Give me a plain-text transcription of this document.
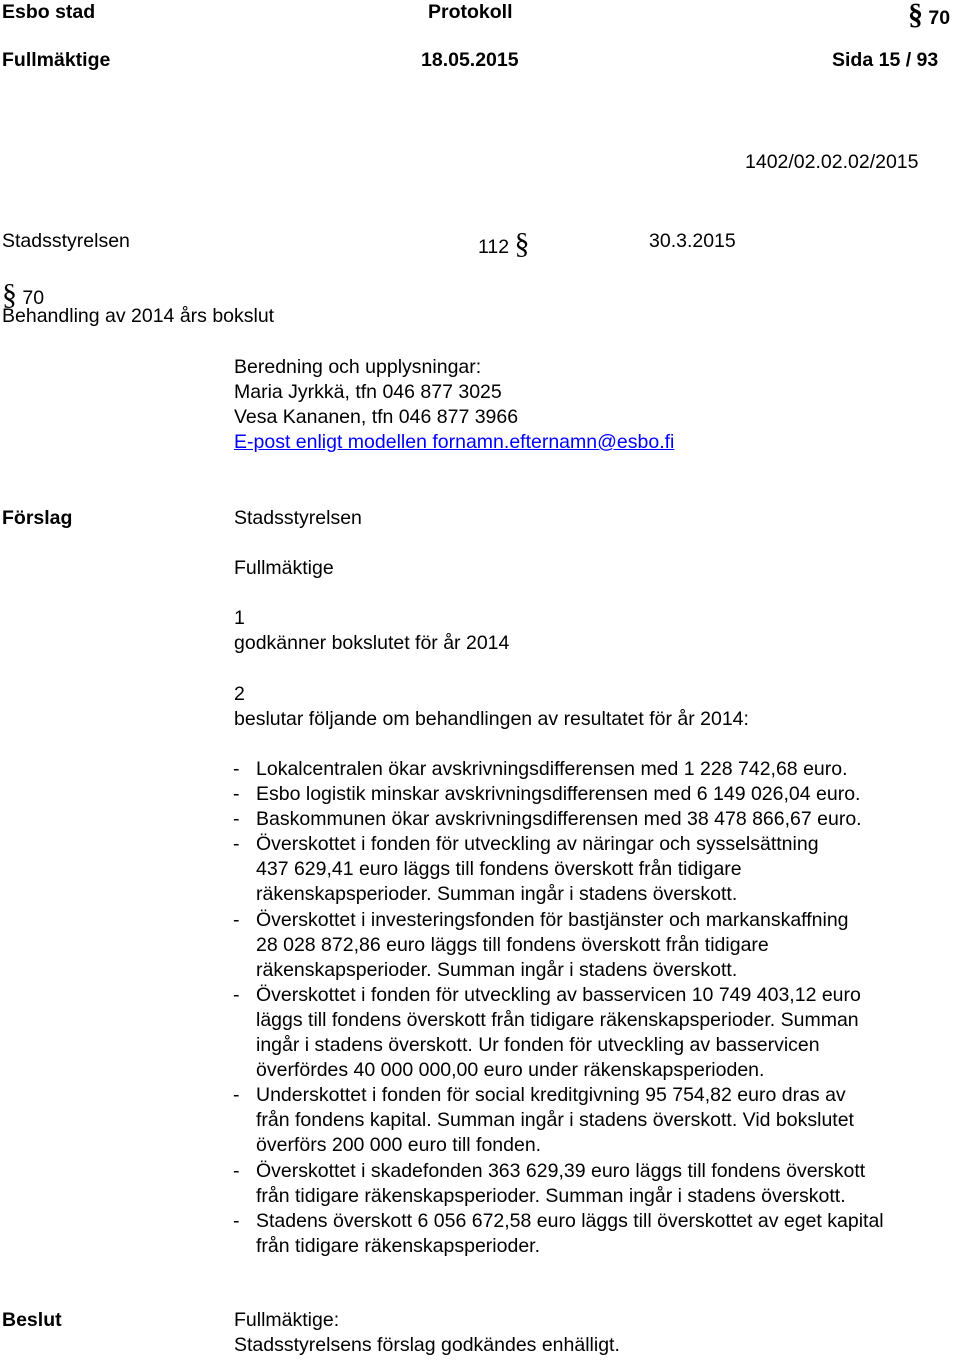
Esbo stad	Protokoll	§ 70
Fullmäktige	18.05.2015	Sida 15 / 93
1402/02.02.02/2015
Stadsstyrelsen	112 §	30.3.2015
§ 70
Behandling av 2014 års bokslut
Beredning och upplysningar:
Maria Jyrkkä, tfn 046 877 3025
Vesa Kananen, tfn 046 877 3966
E-post enligt modellen fornamn.efternamn@esbo.fi
Förslag	Stadsstyrelsen
Fullmäktige
1
godkänner bokslutet för år 2014
2
beslutar följande om behandlingen av resultatet för år 2014:
- Lokalcentralen ökar avskrivningsdifferensen med 1 228 742,68 euro.
- Esbo logistik minskar avskrivningsdifferensen med 6 149 026,04 euro.
- Baskommunen ökar avskrivningsdifferensen med 38 478 866,67 euro.
- Överskottet i fonden för utveckling av näringar och sysselsättning
437 629,41 euro läggs till fondens överskott från tidigare
räkenskapsperioder. Summan ingår i stadens överskott.
- Överskottet i investeringsfonden för bastjänster och markanskaffning
28 028 872,86 euro läggs till fondens överskott från tidigare
räkenskapsperioder. Summan ingår i stadens överskott.
- Överskottet i fonden för utveckling av basservicen 10 749 403,12 euro
läggs till fondens överskott från tidigare räkenskapsperioder. Summan
ingår i stadens överskott. Ur fonden för utveckling av basservicen
överfördes 40 000 000,00 euro under räkenskapsperioden.
- Underskottet i fonden för social kreditgivning 95 754,82 euro dras av
från fondens kapital. Summan ingår i stadens överskott. Vid bokslutet
överförs 200 000 euro till fonden.
- Överskottet i skadefonden 363 629,39 euro läggs till fondens överskott
från tidigare räkenskapsperioder. Summan ingår i stadens överskott.
- Stadens överskott 6 056 672,58 euro läggs till överskottet av eget kapital
från tidigare räkenskapsperioder.
Beslut	Fullmäktige:
Stadsstyrelsens förslag godkändes enhälligt.
